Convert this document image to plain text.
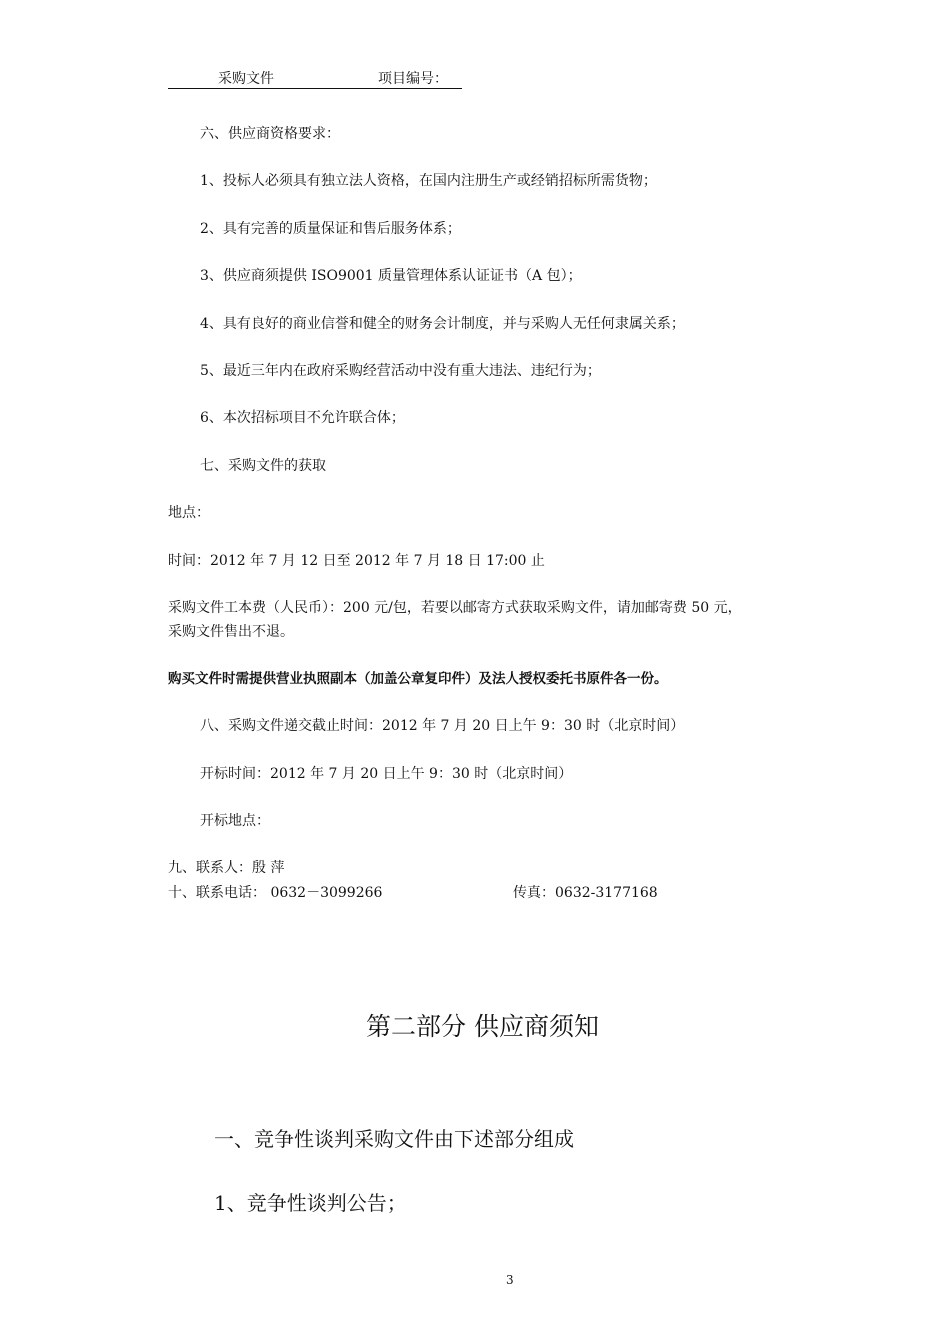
采购文件	项目编号：
六、供应商资格要求：
1、投标人必须具有独立法人资格，在国内注册生产或经销招标所需货物；
2、具有完善的质量保证和售后服务体系；
3、供应商须提供 ISO9001 质量管理体系认证证书（A 包）；
4、具有良好的商业信誉和健全的财务会计制度，并与采购人无任何隶属关系；
5、最近三年内在政府采购经营活动中没有重大违法、违纪行为；
6、本次招标项目不允许联合体；
七、采购文件的获取
地点：
时间：2012 年 7 月 12 日至 2012 年 7 月 18 日 17:00 止
采购文件工本费（人民币）：200 元/包，若要以邮寄方式获取采购文件，请加邮寄费 50 元，
采购文件售出不退。
购买文件时需提供营业执照副本（加盖公章复印件）及法人授权委托书原件各一份。
八、采购文件递交截止时间：2012 年 7 月 20 日上午 9：30 时（北京时间）
开标时间：2012 年 7 月 20 日上午 9：30 时（北京时间）
开标地点：
九、联系人：殷 萍
十、联系电话： 0632－3099266	传真：0632-3177168
第二部分 供应商须知
一、竞争性谈判采购文件由下述部分组成
1、竞争性谈判公告；
3
